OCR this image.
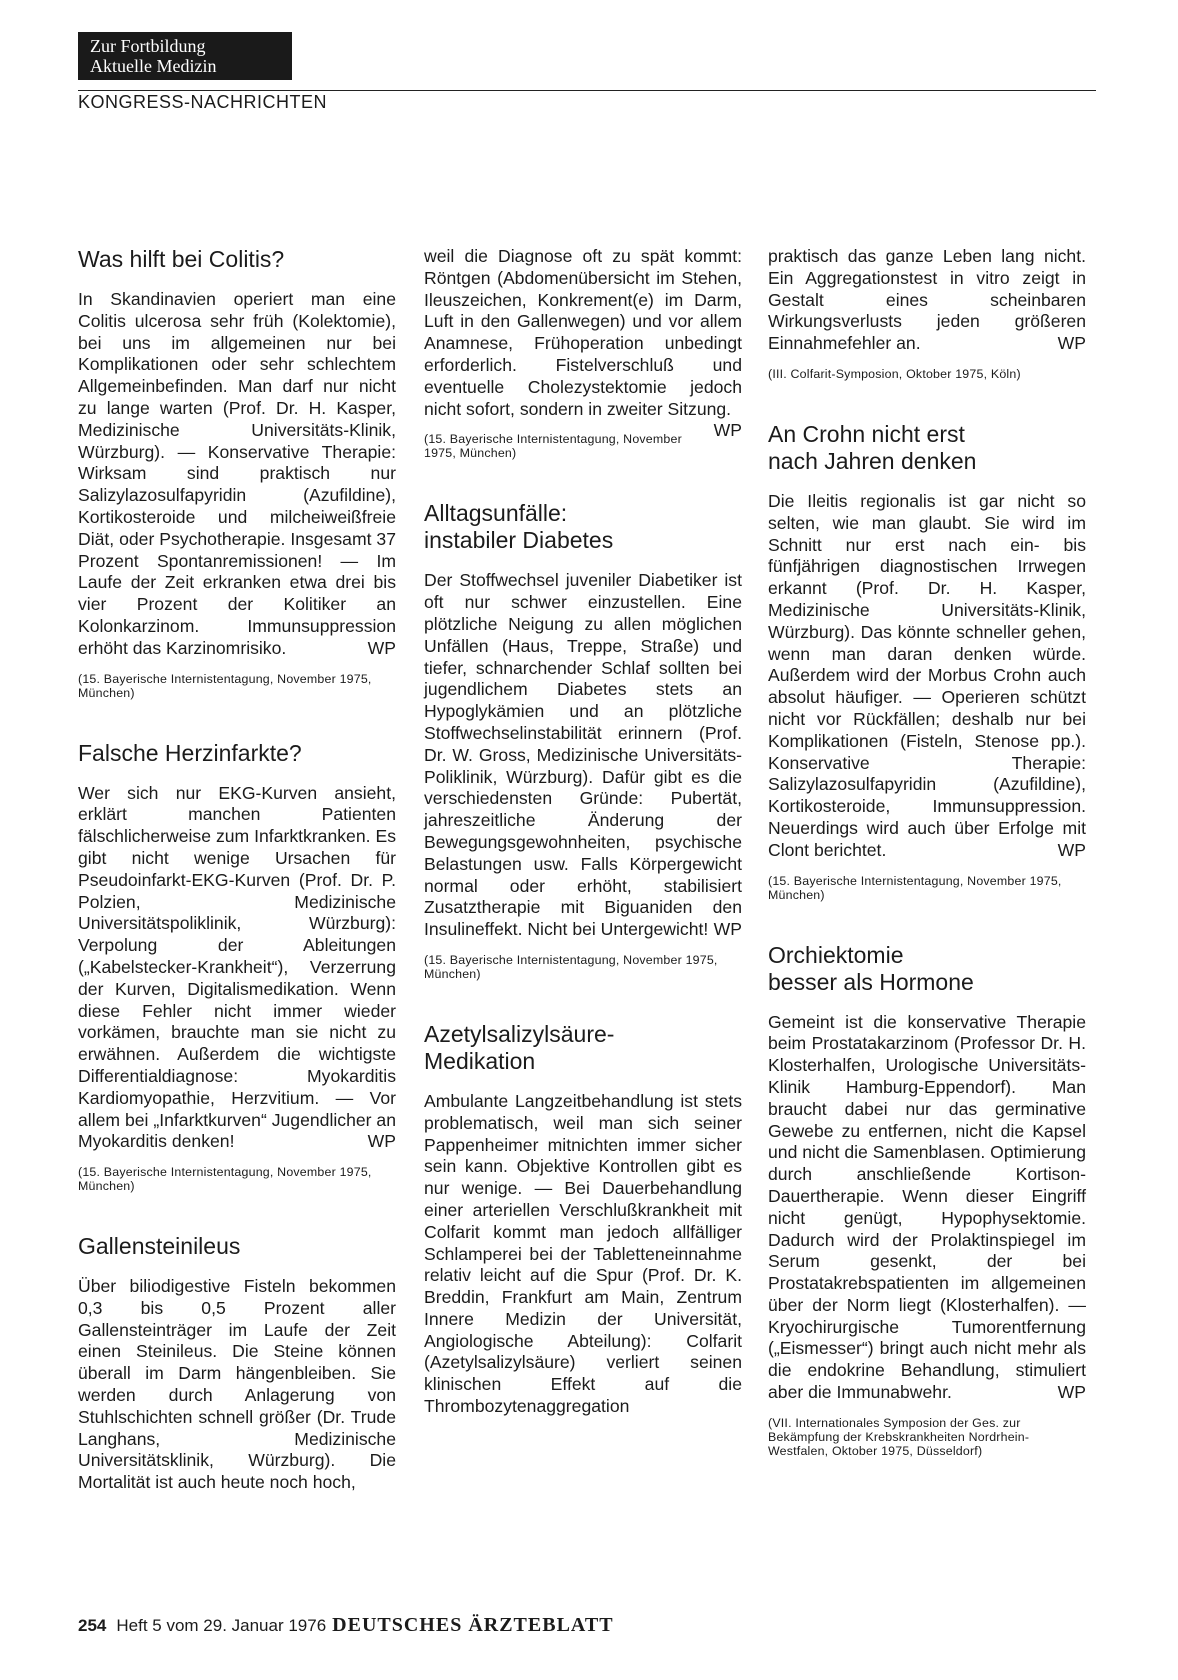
Zur Fortbildung
Aktuelle Medizin
KONGRESS-NACHRICHTEN
Was hilft bei Colitis?

In Skandinavien operiert man eine Colitis ulcerosa sehr früh (Kolektomie), bei uns im allgemeinen nur bei Komplikationen oder sehr schlechtem Allgemeinbefinden. Man darf nur nicht zu lange warten (Prof. Dr. H. Kasper, Medizinische Universitäts-Klinik, Würzburg). — Konservative Therapie: Wirksam sind praktisch nur Salizylazosulfapyridin (Azufildine), Kortikosteroide und milcheiweißfreie Diät, oder Psychotherapie. Insgesamt 37 Prozent Spontanremissionen! — Im Laufe der Zeit erkranken etwa drei bis vier Prozent der Kolitiker an Kolonkarzinom. Immunsuppression erhöht das Karzinomrisiko.	WP

(15. Bayerische Internistentagung, November 1975, München)

Falsche Herzinfarkte?

Wer sich nur EKG-Kurven ansieht, erklärt manchen Patienten fälschlicherweise zum Infarktkranken. Es gibt nicht wenige Ursachen für Pseudoinfarkt-EKG-Kurven (Prof. Dr. P. Polzien, Medizinische Universitätspoliklinik, Würzburg): Verpolung der Ableitungen („Kabelstecker-Krankheit“), Verzerrung der Kurven, Digitalismedikation. Wenn diese Fehler nicht immer wieder vorkämen, brauchte man sie nicht zu erwähnen. Außerdem die wichtigste Differentialdiagnose: Myokarditis Kardiomyopathie, Herzvitium. — Vor allem bei „Infarktkurven“ Jugendlicher an Myokarditis denken!	WP

(15. Bayerische Internistentagung, November 1975, München)

Gallensteinileus

Über biliodigestive Fisteln bekommen 0,3 bis 0,5 Prozent aller Gallensteinträger im Laufe der Zeit einen Steinileus. Die Steine können überall im Darm hängenbleiben. Sie werden durch Anlagerung von Stuhlschichten schnell größer (Dr. Trude Langhans, Medizinische Universitätsklinik, Würzburg). Die Mortalität ist auch heute noch hoch,

weil die Diagnose oft zu spät kommt: Röntgen (Abdomenübersicht im Stehen, Ileuszeichen, Konkrement(e) im Darm, Luft in den Gallenwegen) und vor allem Anamnese, Frühoperation unbedingt erforderlich. Fistelverschluß und eventuelle Cholezystektomie jedoch nicht sofort, sondern in zweiter Sitzung.
WP

(15. Bayerische Internistentagung, November 1975, München)

Alltagsunfälle:
instabiler Diabetes

Der Stoffwechsel juveniler Diabetiker ist oft nur schwer einzustellen. Eine plötzliche Neigung zu allen möglichen Unfällen (Haus, Treppe, Straße) und tiefer, schnarchender Schlaf sollten bei jugendlichem Diabetes stets an Hypoglykämien und an plötzliche Stoffwechselinstabilität erinnern (Prof. Dr. W. Gross, Medizinische Universitäts-Poliklinik, Würzburg). Dafür gibt es die verschiedensten Gründe: Pubertät, jahreszeitliche Änderung der Bewegungsgewohnheiten, psychische Belastungen usw. Falls Körpergewicht normal oder erhöht, stabilisiert Zusatztherapie mit Biguaniden den Insulineffekt. Nicht bei Untergewicht! WP

(15. Bayerische Internistentagung, November 1975, München)

Azetylsalizylsäure-
Medikation

Ambulante Langzeitbehandlung ist stets problematisch, weil man sich seiner Pappenheimer mitnichten immer sicher sein kann. Objektive Kontrollen gibt es nur wenige. — Bei Dauerbehandlung einer arteriellen Verschlußkrankheit mit Colfarit kommt man jedoch allfälliger Schlamperei bei der Tabletteneinnahme relativ leicht auf die Spur (Prof. Dr. K. Breddin, Frankfurt am Main, Zentrum Innere Medizin der Universität, Angiologische Abteilung): Colfarit (Azetylsalizylsäure) verliert seinen klinischen Effekt auf die Thrombozytenaggregation

praktisch das ganze Leben lang nicht. Ein Aggregationstest in vitro zeigt in Gestalt eines scheinbaren Wirkungsverlusts jeden größeren Einnahmefehler an.	WP

(III. Colfarit-Symposion, Oktober 1975, Köln)

An Crohn nicht erst
nach Jahren denken

Die Ileitis regionalis ist gar nicht so selten, wie man glaubt. Sie wird im Schnitt nur erst nach ein- bis fünfjährigen diagnostischen Irrwegen erkannt (Prof. Dr. H. Kasper, Medizinische Universitäts-Klinik, Würzburg). Das könnte schneller gehen, wenn man daran denken würde. Außerdem wird der Morbus Crohn auch absolut häufiger. — Operieren schützt nicht vor Rückfällen; deshalb nur bei Komplikationen (Fisteln, Stenose pp.). Konservative Therapie: Salizylazosulfapyridin (Azufildine), Kortikosteroide, Immunsuppression. Neuerdings wird auch über Erfolge mit Clont berichtet.	WP

(15. Bayerische Internistentagung, November 1975, München)

Orchiektomie
besser als Hormone

Gemeint ist die konservative Therapie beim Prostatakarzinom (Professor Dr. H. Klosterhalfen, Urologische Universitäts-Klinik Hamburg-Eppendorf). Man braucht dabei nur das germinative Gewebe zu entfernen, nicht die Kapsel und nicht die Samenblasen. Optimierung durch anschließende Kortison-Dauertherapie. Wenn dieser Eingriff nicht genügt, Hypophysektomie. Dadurch wird der Prolaktinspiegel im Serum gesenkt, der bei Prostatakrebspatienten im allgemeinen über der Norm liegt (Klosterhalfen). — Kryochirurgische Tumorentfernung („Eismesser“) bringt auch nicht mehr als die endokrine Behandlung, stimuliert aber die Immunabwehr.	WP

(VII. Internationales Symposion der Ges. zur Bekämpfung der Krebskrankheiten Nordrhein-Westfalen, Oktober 1975, Düsseldorf)

254 Heft 5 vom 29. Januar 1976 DEUTSCHES ÄRZTEBLATT
